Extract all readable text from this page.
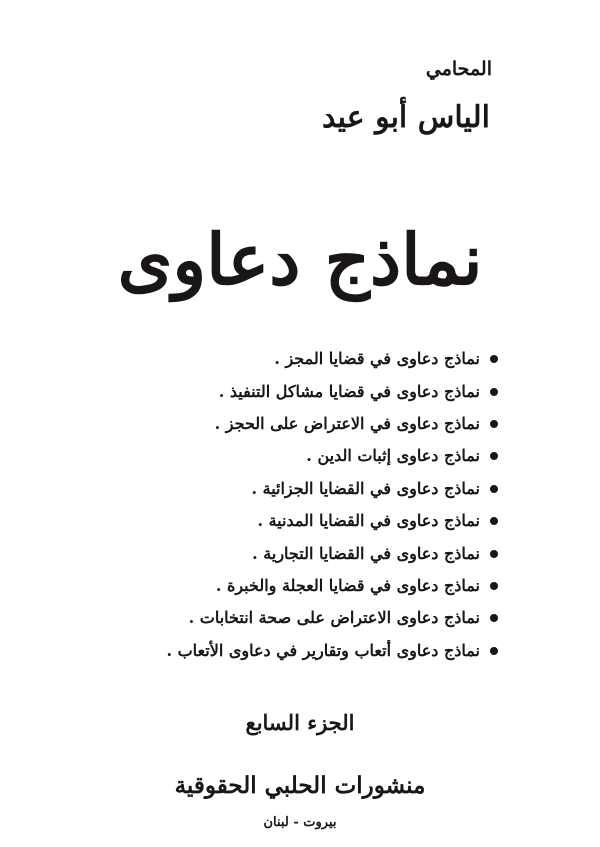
المحامي
الياس أبو عيد
نماذج دعاوى
نماذج دعاوى في قضايا المجز .
نماذج دعاوى في قضايا مشاكل التنفيذ .
نماذج دعاوى في الاعتراض على الحجز .
نماذج دعاوى إثبات الدين .
نماذج دعاوى في القضايا الجزائية .
نماذج دعاوى في القضايا المدنية .
نماذج دعاوى في القضايا التجارية .
نماذج دعاوى في قضايا العجلة والخبرة .
نماذج دعاوى الاعتراض على صحة انتخابات .
نماذج دعاوى أتعاب وتقارير في دعاوى الأتعاب .
الجزء السابع
منشورات الحلبي الحقوقية
بيروت - لبنان
